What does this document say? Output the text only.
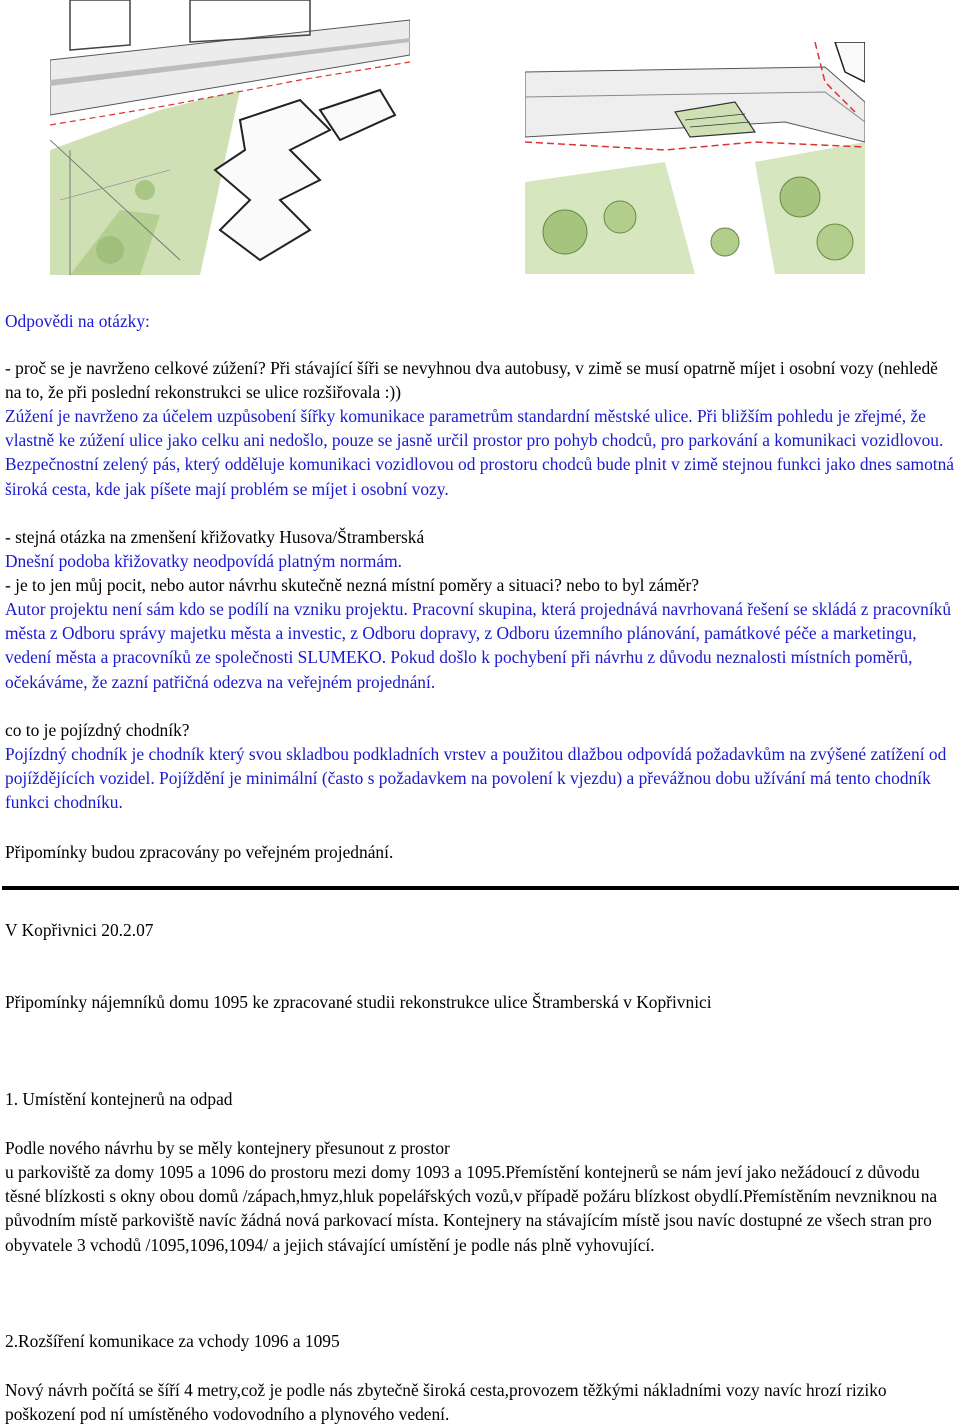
Odpovědi na otázky:

- proč se je navrženo celkové zúžení? Při stávající šíři se nevyhnou dva autobusy, v zimě se musí opatrně míjet i osobní vozy (nehledě na to, že při poslední rekonstrukci se ulice rozšiřovala :))

Zúžení je navrženo za účelem uzpůsobení šířky komunikace parametrům standardní městské ulice. Při bližším pohledu je zřejmé, že vlastně ke zúžení ulice jako celku ani nedošlo, pouze se jasně určil prostor pro pohyb chodců, pro parkování a komunikaci vozidlovou. Bezpečnostní zelený pás, který odděluje komunikaci vozidlovou od prostoru chodců bude plnit v zimě stejnou funkci jako dnes samotná široká cesta, kde jak píšete mají problém se míjet i osobní vozy.

- stejná otázka na zmenšení křižovatky Husova/Štramberská

Dnešní podoba křižovatky neodpovídá platným normám.

- je to jen můj pocit, nebo autor návrhu skutečně nezná místní poměry a situaci? nebo to byl záměr?

Autor projektu není sám kdo se podílí na vzniku projektu. Pracovní skupina, která projednává navrhovaná řešení se skládá z pracovníků města z Odboru správy majetku města a investic, z Odboru dopravy, z Odboru územního plánování, památkové péče a marketingu, vedení města a pracovníků ze společnosti SLUMEKO. Pokud došlo k pochybení při návrhu z důvodu neznalosti místních poměrů, očekáváme, že zazní patřičná odezva na veřejném projednání.

co to je pojízdný chodník?

Pojízdný chodník je chodník který svou skladbou podkladních vrstev a použitou dlažbou odpovídá požadavkům na zvýšené zatížení od pojíždějících vozidel. Pojíždění je minimální (často s požadavkem na povolení k vjezdu) a převážnou dobu užívání má tento chodník funkci chodníku.

Připomínky budou zpracovány po veřejném projednání.

V Kopřivnici 20.2.07

Připomínky nájemníků domu 1095 ke zpracované studii rekonstrukce ulice Štramberská v Kopřivnici

1. Umístění kontejnerů na odpad

Podle nového návrhu by se měly kontejnery přesunout z prostor

u parkoviště za domy 1095 a 1096 do prostoru mezi domy 1093 a 1095.Přemístění kontejnerů se nám jeví jako nežádoucí z důvodu těsné blízkosti s okny obou domů /zápach,hmyz,hluk popelářských vozů,v případě požáru blízkost obydlí.Přemístěním nevzniknou na původním místě parkoviště navíc žádná nová parkovací místa. Kontejnery na stávajícím místě jsou navíc dostupné ze všech stran pro obyvatele 3 vchodů /1095,1096,1094/ a jejich stávající umístění je podle nás plně vyhovující.

2.Rozšíření komunikace za vchody 1096 a 1095

Nový návrh počítá se šíří 4 metry,což je podle nás zbytečně široká cesta,provozem těžkými nákladními vozy navíc hrozí riziko poškození pod ní umístěného vodovodního a plynového vedení.
